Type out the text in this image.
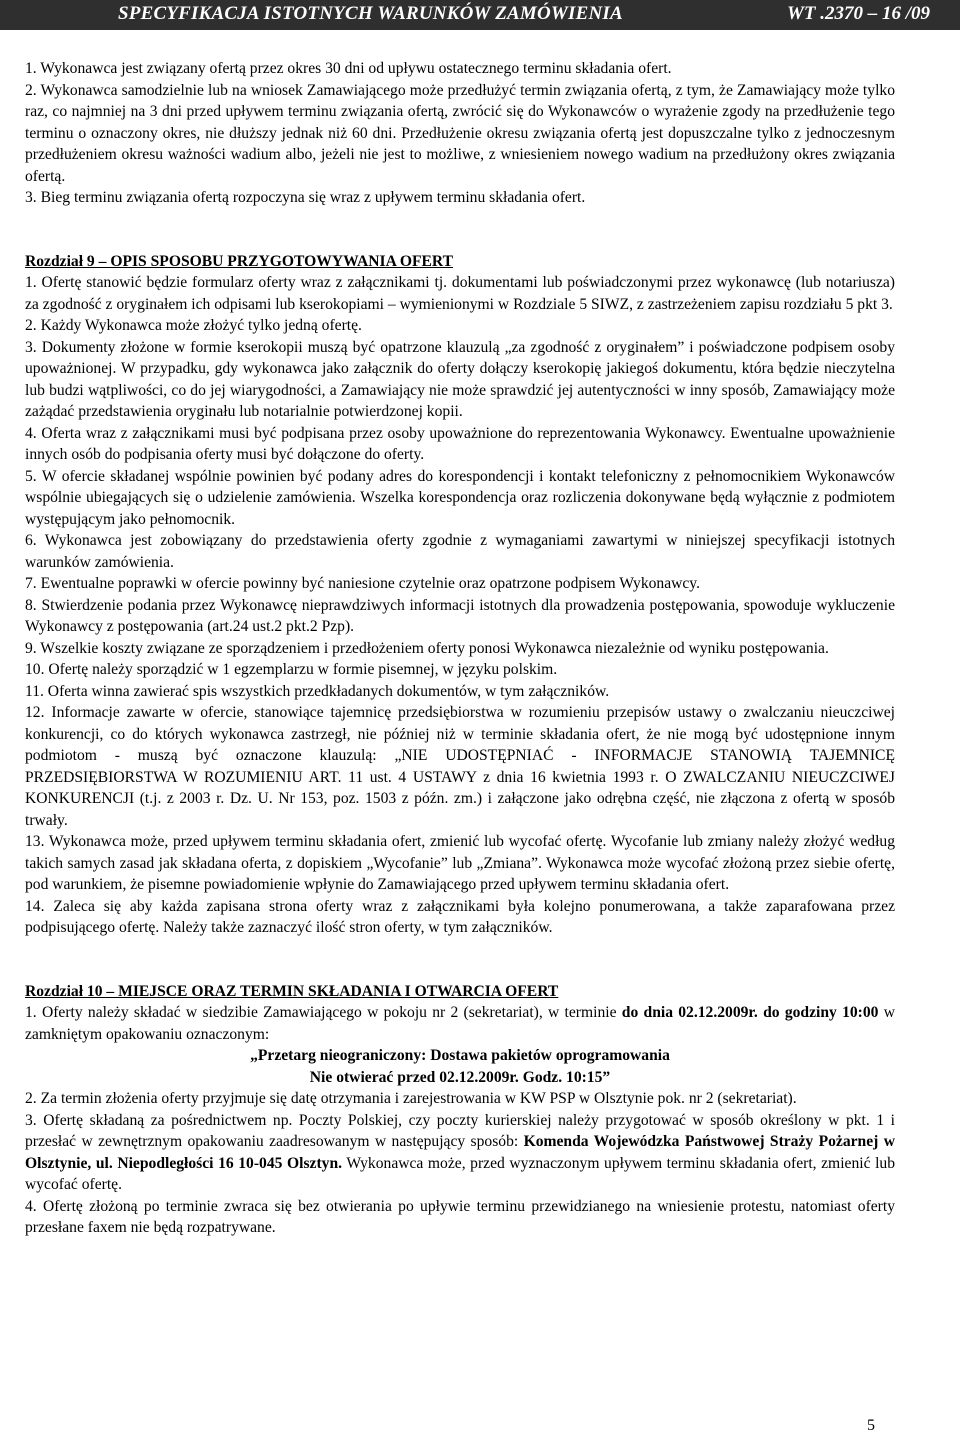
SPECYFIKACJA ISTOTNYCH WARUNKÓW ZAMÓWIENIA	WT .2370 – 16 /09

1. Wykonawca jest związany ofertą przez okres 30 dni od upływu ostatecznego terminu składania ofert.

2. Wykonawca samodzielnie lub na wniosek Zamawiającego może przedłużyć termin związania ofertą, z tym, że Zamawiający może tylko raz, co najmniej na 3 dni przed upływem terminu związania ofertą, zwrócić się do Wykonawców o wyrażenie zgody na przedłużenie tego terminu o oznaczony okres, nie dłuższy jednak niż 60 dni. Przedłużenie okresu związania ofertą jest dopuszczalne tylko z jednoczesnym przedłużeniem okresu ważności wadium albo, jeżeli nie jest to możliwe, z wniesieniem nowego wadium na przedłużony okres związania ofertą.

3. Bieg terminu związania ofertą rozpoczyna się wraz z upływem terminu składania ofert.

Rozdział 9 – OPIS SPOSOBU PRZYGOTOWYWANIA OFERT

1. Ofertę stanowić będzie formularz oferty wraz z załącznikami tj. dokumentami lub poświadczonymi przez wykonawcę (lub notariusza) za zgodność z oryginałem ich odpisami lub kserokopiami – wymienionymi w Rozdziale 5 SIWZ, z zastrzeżeniem zapisu rozdziału 5 pkt 3.

2. Każdy Wykonawca może złożyć tylko jedną ofertę.

3. Dokumenty złożone w formie kserokopii muszą być opatrzone klauzulą „za zgodność z oryginałem” i poświadczone podpisem osoby upoważnionej. W przypadku, gdy wykonawca jako załącznik do oferty dołączy kserokopię jakiegoś dokumentu, która będzie nieczytelna lub budzi wątpliwości, co do jej wiarygodności, a Zamawiający nie może sprawdzić jej autentyczności w inny sposób, Zamawiający może zażądać przedstawienia oryginału lub notarialnie potwierdzonej kopii.

4. Oferta wraz z załącznikami musi być podpisana przez osoby upoważnione do reprezentowania Wykonawcy. Ewentualne upoważnienie innych osób do podpisania oferty musi być dołączone do oferty.

5. W ofercie składanej wspólnie powinien być podany adres do korespondencji i kontakt telefoniczny z pełnomocnikiem Wykonawców wspólnie ubiegających się o udzielenie zamówienia. Wszelka korespondencja oraz rozliczenia dokonywane będą wyłącznie z podmiotem występującym jako pełnomocnik.

6. Wykonawca jest zobowiązany do przedstawienia oferty zgodnie z wymaganiami zawartymi w niniejszej specyfikacji istotnych warunków zamówienia.

7. Ewentualne poprawki w ofercie powinny być naniesione czytelnie oraz opatrzone podpisem Wykonawcy.

8. Stwierdzenie podania przez Wykonawcę nieprawdziwych informacji istotnych dla prowadzenia postępowania, spowoduje wykluczenie Wykonawcy z postępowania (art.24 ust.2 pkt.2 Pzp).

9. Wszelkie koszty związane ze sporządzeniem i przedłożeniem oferty ponosi Wykonawca niezależnie od wyniku postępowania.

10. Ofertę należy sporządzić w 1 egzemplarzu w formie pisemnej, w języku polskim.

11. Oferta winna zawierać spis wszystkich przedkładanych dokumentów, w tym załączników.

12. Informacje zawarte w ofercie, stanowiące tajemnicę przedsiębiorstwa w rozumieniu przepisów ustawy o zwalczaniu nieuczciwej konkurencji, co do których wykonawca zastrzegł, nie później niż w terminie składania ofert, że nie mogą być udostępnione innym podmiotom - muszą być oznaczone klauzulą: „NIE UDOSTĘPNIAĆ - INFORMACJE STANOWIĄ TAJEMNICĘ PRZEDSIĘBIORSTWA W ROZUMIENIU ART. 11 ust. 4 USTAWY z dnia 16 kwietnia 1993 r. O ZWALCZANIU NIEUCZCIWEJ KONKURENCJI (t.j. z 2003 r. Dz. U. Nr 153, poz. 1503 z późn. zm.) i załączone jako odrębna część, nie złączona z ofertą w sposób trwały.

13. Wykonawca może, przed upływem terminu składania ofert, zmienić lub wycofać ofertę. Wycofanie lub zmiany należy złożyć według takich samych zasad jak składana oferta, z dopiskiem „Wycofanie” lub „Zmiana”. Wykonawca może wycofać złożoną przez siebie ofertę, pod warunkiem, że pisemne powiadomienie wpłynie do Zamawiającego przed upływem terminu składania ofert.

14. Zaleca się aby każda zapisana strona oferty wraz z załącznikami była kolejno ponumerowana, a także zaparafowana przez podpisującego ofertę. Należy także zaznaczyć ilość stron oferty, w tym załączników.

Rozdział 10 – MIEJSCE ORAZ TERMIN SKŁADANIA I OTWARCIA OFERT

1. Oferty należy składać w siedzibie Zamawiającego w pokoju nr 2 (sekretariat), w terminie do dnia 02.12.2009r. do godziny 10:00 w zamkniętym opakowaniu oznaczonym:

„Przetarg nieograniczony: Dostawa pakietów oprogramowania

Nie otwierać przed 02.12.2009r. Godz. 10:15”

2. Za termin złożenia oferty przyjmuje się datę otrzymania i zarejestrowania w KW PSP w Olsztynie pok. nr 2 (sekretariat).

3. Ofertę składaną za pośrednictwem np. Poczty Polskiej, czy poczty kurierskiej należy przygotować w sposób określony w pkt. 1 i przesłać w zewnętrznym opakowaniu zaadresowanym w następujący sposób: Komenda Wojewódzka Państwowej Straży Pożarnej w Olsztynie, ul. Niepodległości 16 10-045 Olsztyn. Wykonawca może, przed wyznaczonym upływem terminu składania ofert, zmienić lub wycofać ofertę.

4. Ofertę złożoną po terminie zwraca się bez otwierania po upływie terminu przewidzianego na wniesienie protestu, natomiast oferty przesłane faxem nie będą rozpatrywane.

5
